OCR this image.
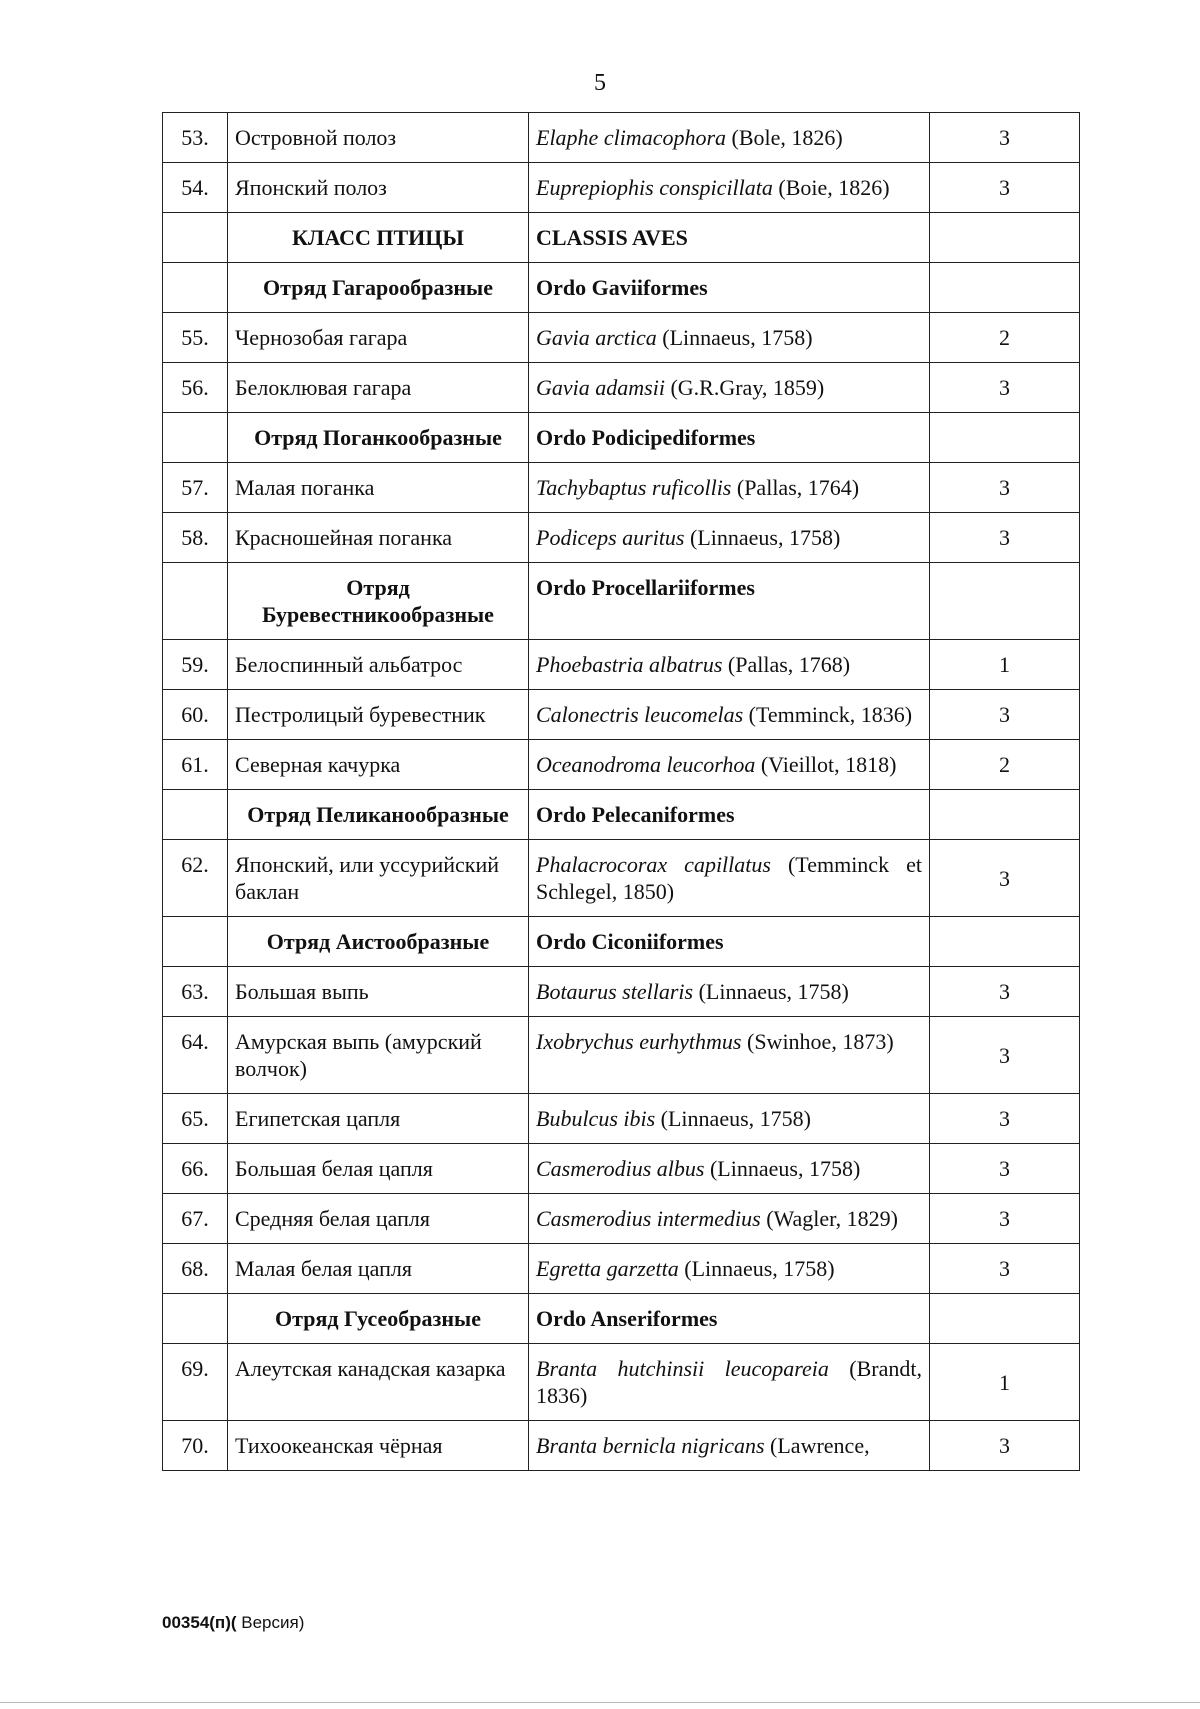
5
53.	Островной полоз	Elaphe climacophora (Bole, 1826)	3
54.	Японский полоз	Euprepiophis conspicillata (Boie, 1826)	3
	КЛАСС ПТИЦЫ	CLASSIS AVES	
	Отряд Гагарообразные	Ordo Gaviiformes	
55.	Чернозобая гагара	Gavia arctica (Linnaeus, 1758)	2
56.	Белоклювая гагара	Gavia adamsii (G.R.Gray, 1859)	3
	Отряд Поганкообразные	Ordo Podicipediformes	
57.	Малая поганка	Tachybaptus ruficollis (Pallas, 1764)	3
58.	Красношейная поганка	Podiceps auritus (Linnaeus, 1758)	3
	Отряд Буревестникообразные	Ordo Procellariiformes	
59.	Белоспинный альбатрос	Phoebastria albatrus (Pallas, 1768)	1
60.	Пестролицый буревестник	Calonectris leucomelas (Temminck, 1836)	3
61.	Северная качурка	Oceanodroma leucorhoa (Vieillot, 1818)	2
	Отряд Пеликанообразные	Ordo Pelecaniformes	
62.	Японский, или уссурийский баклан	Phalacrocorax capillatus (Temminck et Schlegel, 1850)	3
	Отряд Аистообразные	Ordo Ciconiiformes	
63.	Большая выпь	Botaurus stellaris (Linnaeus, 1758)	3
64.	Амурская выпь (амурский волчок)	Ixobrychus eurhythmus (Swinhoe, 1873)	3
65.	Египетская цапля	Bubulcus ibis (Linnaeus, 1758)	3
66.	Большая белая цапля	Casmerodius albus (Linnaeus, 1758)	3
67.	Средняя белая цапля	Casmerodius intermedius (Wagler, 1829)	3
68.	Малая белая цапля	Egretta garzetta (Linnaeus, 1758)	3
	Отряд Гусеобразные	Ordo Anseriformes	
69.	Алеутская канадская казарка	Branta hutchinsii leucopareia (Brandt, 1836)	1
70.	Тихоокеанская чёрная	Branta bernicla nigricans (Lawrence,	3
00354(п)( Версия)
